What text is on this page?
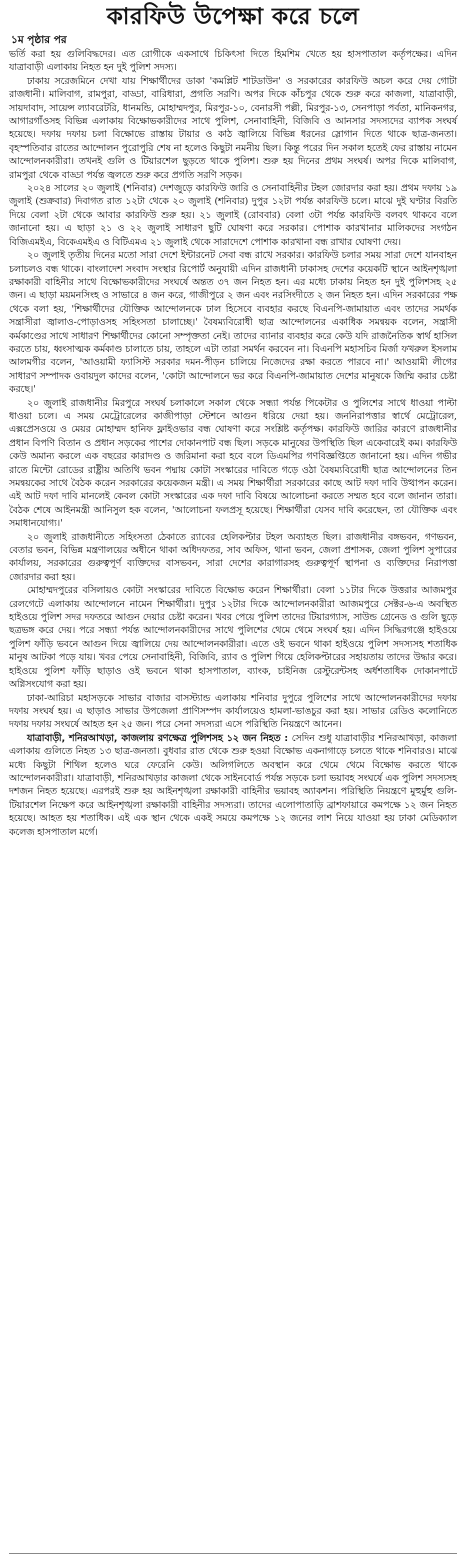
কারফিউ উপেক্ষা করে চলে
১ম পৃষ্ঠার পর

ভর্তি করা হয় গুলিবিদ্ধদের। এত রোগীকে একসাথে চিকিৎসা দিতে হিমশিম খেতে হয় হাসপাতাল কর্তৃপক্ষের। এদিন যাত্রাবাড়ী এলাকায় নিহত হন দুই পুলিশ সদস্য।

ঢাকায় সরেজমিনে দেখা যায় শিক্ষার্থীদের ডাকা 'কমপ্লিট শাটডাউন' ও সরকারের কারফিউ অচল করে দেয় গোটা রাজধানী। মালিবাগ, রামপুরা, বাড্ডা, বারিধারা, প্রগতি সরণি। অপর দিকে কাঁচপুর থেকে শুরু করে কাজলা, যাত্রাবাড়ী, সায়দাবাদ, সায়েন্স ল্যাবরেটরি, ধানমন্ডি, মোহাম্মদপুর, মিরপুর-১০, বেনারসী পল্লী, মিরপুর-১৩, সেনপাড়া পর্বতা, মানিকনগর, আগারগাঁওসহ বিভিন্ন এলাকায় বিক্ষোভকারীদের সাথে পুলিশ, সেনাবাহিনী, বিজিবি ও আনসার সদস্যদের ব্যাপক সংঘর্ষ হয়েছে। দফায় দফায় চলা বিক্ষোভে রাস্তায় টায়ার ও কাঠ জ্বালিয়ে বিভিন্ন ধরনের স্লোগান দিতে থাকে ছাত্র-জনতা। বৃহস্পতিবার রাতের আন্দোলন পুরোপুরি শেষ না হলেও কিছুটা নমনীয় ছিল। কিন্তু পরের দিন সকাল হতেই ফের রাস্তায় নামেন আন্দোলনকারীরা। তখনই গুলি ও টিয়ারশেল ছুড়তে থাকে পুলিশ। শুরু হয় দিনের প্রথম সংঘর্ষ। অপর দিকে মালিবাগ, রামপুরা থেকে বাড্ডা পর্যন্ত জ্বলতে শুরু করে প্রগতি সরণি সড়ক।

২০২৪ সালের ২০ জুলাই (শনিবার) দেশজুড়ে কারফিউ জারি ও সেনাবাহিনীর টহল জোরদার করা হয়। প্রথম দফায় ১৯ জুলাই (শুক্রবার) দিবাগত রাত ১২টা থেকে ২০ জুলাই (শনিবার) দুপুর ১২টা পর্যন্ত কারফিউ চলে। মাঝে দুই ঘণ্টার বিরতি দিয়ে বেলা ২টা থেকে আবার কারফিউ শুরু হয়। ২১ জুলাই (রোববার) বেলা ৩টা পর্যন্ত কারফিউ বলবৎ থাকবে বলে জানানো হয়। এ ছাড়া ২১ ও ২২ জুলাই সাধারণ ছুটি ঘোষণা করে সরকার। পোশাক কারখানার মালিকদের সংগঠন বিজিএমইএ, বিকেএমইএ ও বিটিএমএ ২১ জুলাই থেকে সারাদেশে পোশাক কারখানা বন্ধ রাখার ঘোষণা দেয়।

২০ জুলাই তৃতীয় দিনের মতো সারা দেশে ইন্টারনেট সেবা বন্ধ রাখে সরকার। কারফিউ চলার সময় সারা দেশে যানবাহন চলাচলও বন্ধ থাকে। বাংলাদেশ সংবাদ সংস্থার রিপোর্ট অনুযায়ী এদিন রাজধানী ঢাকাসহ দেশের কয়েকটি স্থানে আইনশৃঙ্খলা রক্ষাকারী বাহিনীর সাথে বিক্ষোভকারীদের সংঘর্ষে অন্তত ৩৭ জন নিহত হন। এর মধ্যে ঢাকায় নিহত হন দুই পুলিশসহ ২৫ জন। এ ছাড়া ময়মনসিংহ ও সাভারে ৪ জন করে, গাজীপুরে ২ জন এবং নরসিংদীতে ২ জন নিহত হন। এদিন সরকারের পক্ষ থেকে বলা হয়, 'শিক্ষার্থীদের যৌক্তিক আন্দোলনকে ঢাল হিসেবে ব্যবহার করছে বিএনপি-জামায়াত এবং তাদের সমর্থক সন্ত্রাসীরা জ্বালাও-পোড়াওসহ সহিংসতা চালাচ্ছে।' বৈষম্যবিরোধী ছাত্র আন্দোলনের একাধিক সমন্বয়ক বলেন, সন্ত্রাসী কর্মকাণ্ডের সাথে সাধারণ শিক্ষার্থীদের কোনো সম্পৃক্ততা নেই। তাদের ব্যানার ব্যবহার করে কেউ যদি রাজনৈতিক স্বার্থ হাসিল করতে চায়, ধ্বংসাত্মক কর্মকাণ্ড চালাতে চায়, তাহলে এটা তারা সমর্থন করবেন না। বিএনপি মহাসচিব মির্জা ফখরুল ইসলাম আলমগীর বলেন, 'আওয়ামী ফ্যাসিস্ট সরকার দমন-পীড়ন চালিয়ে নিজেদের রক্ষা করতে পারবে না।' আওয়ামী লীগের সাধারণ সম্পাদক ওবায়দুল কাদের বলেন, 'কোটা আন্দোলনে ভর করে বিএনপি-জামায়াত দেশের মানুষকে জিম্মি করার চেষ্টা করছে।'

২০ জুলাই রাজধানীর মিরপুরে সংঘর্ষ চলাকালে সকাল থেকে সন্ধ্যা পর্যন্ত পিকেটার ও পুলিশের সাথে ধাওয়া পাল্টা ধাওয়া চলে। এ সময় মেট্রোরেলের কাজীপাড়া স্টেশনে আগুন ধরিয়ে দেয়া হয়। জননিরাপত্তার স্বার্থে মেট্রোরেল, এক্সপ্রেসওয়ে ও মেয়র মোহাম্মদ হানিফ ফ্লাইওভার বন্ধ ঘোষণা করে সংশ্লিষ্ট কর্তৃপক্ষ। কারফিউ জারির কারণে রাজধানীর প্রধান বিপণি বিতান ও প্রধান সড়কের পাশের দোকানপাট বন্ধ ছিল। সড়কে মানুষের উপস্থিতি ছিল একেবারেই কম। কারফিউ কেউ অমান্য করলে এক বছরের কারাদণ্ড ও জরিমানা করা হবে বলে ডিএমপির গণবিজ্ঞপ্তিতে জানানো হয়। এদিন গভীর রাতে মিন্টো রোডের রাষ্ট্রীয় অতিথি ভবন পদ্মায় কোটা সংস্কারের দাবিতে গড়ে ওঠা বৈষম্যবিরোধী ছাত্র আন্দোলনের তিন সমন্বয়কের সাথে বৈঠক করেন সরকারের কয়েকজন মন্ত্রী। এ সময় শিক্ষার্থীরা সরকারের কাছে আট দফা দাবি উত্থাপন করেন। এই আট দফা দাবি মানলেই কেবল কোটা সংস্কারের এক দফা দাবি বিষয়ে আলোচনা করতে সম্মত হবে বলে জানান তারা। বৈঠক শেষে আইনমন্ত্রী আনিসুল হক বলেন, 'আলোচনা ফলপ্রসূ হয়েছে। শিক্ষার্থীরা যেসব দাবি করেছেন, তা যৌক্তিক এবং সমাধানযোগ্য।'

২০ জুলাই রাজধানীতে সহিংসতা ঠেকাতে র‌্যাবের হেলিকপ্টার টহল অব্যাহত ছিল। রাজধানীর বঙ্গভবন, গণভবন, বেতার ভবন, বিভিন্ন মন্ত্রণালয়ের অধীনে থাকা অধিদফতর, সাব অফিস, থানা ভবন, জেলা প্রশাসক, জেলা পুলিশ সুপারের কার্যালয়, সরকারের গুরুত্বপূর্ণ ব্যক্তিদের বাসভবন, সারা দেশের কারাগারসহ গুরুত্বপূর্ণ স্থাপনা ও ব্যক্তিদের নিরাপত্তা জোরদার করা হয়।

মোহাম্মদপুরের বসিলায়ও কোটা সংস্কারের দাবিতে বিক্ষোভ করেন শিক্ষার্থীরা। বেলা ১১টার দিকে উত্তরার আজমপুর রেলগেটে এলাকায় আন্দোলনে নামেন শিক্ষার্থীরা। দুপুর ১২টার দিকে আন্দোলনকারীরা আজমপুরে সেক্টর-৬-এ অবস্থিত হাইওয়ে পুলিশ সদর দফতরে আগুন দেয়ার চেষ্টা করেন। খবর পেয়ে পুলিশ তাদের টিয়ারগ্যাস, সাউন্ড গ্রেনেড ও গুলি ছুড়ে ছত্রভঙ্গ করে দেয়। পরে সন্ধ্যা পর্যন্ত আন্দোলনকারীদের সাথে পুলিশের থেমে থেমে সংঘর্ষ হয়। এদিন সিদ্ধিরগঞ্জে হাইওয়ে পুলিশ ফাঁড়ি ভবনে আগুন দিয়ে জ্বালিয়ে দেয় আন্দোলনকারীরা। এতে ওই ভবনে থাকা হাইওয়ে পুলিশ সদস্যসহ শতাধিক মানুষ আটকা পড়ে যায়। খবর পেয়ে সেনাবাহিনী, বিজিবি, র‌্যাব ও পুলিশ গিয়ে হেলিকপ্টারের সহায়তায় তাদের উদ্ধার করে। হাইওয়ে পুলিশ ফাঁড়ি ছাড়াও ওই ভবনে থাকা হাসপাতাল, ব্যাংক, চাইনিজ রেস্টুরেন্টসহ অর্ধশতাধিক দোকানপাটে অগ্নিসংযোগ করা হয়।

ঢাকা-আরিচা মহাসড়কে সাভার বাজার বাসস্ট্যান্ড এলাকায় শনিবার দুপুরে পুলিশের সাথে আন্দোলনকারীদের দফায় দফায় সংঘর্ষ হয়। এ ছাড়াও সাভার উপজেলা প্রাণিসম্পদ কার্যালয়েও হামলা-ভাঙচুর করা হয়। সাভার রেডিও কলোনিতে দফায় দফায় সংঘর্ষে আহত হন ২৫ জন। পরে সেনা সদস্যরা এসে পরিস্থিতি নিয়ন্ত্রণে আনেন।

যাত্রাবাড়ী, শনিরআখড়া, কাজলায় রণক্ষেত্র পুলিশসহ ১২ জন নিহত : সেদিন শুধু যাত্রাবাড়ীর শনিরআখড়া, কাজলা এলাকায় গুলিতে নিহত ১৩ ছাত্র-জনতা। বুধবার রাত থেকে শুরু হওয়া বিক্ষোভ একনাগাড়ে চলতে থাকে শনিবারও। মাঝে মধ্যে কিছুটা শিথিল হলেও ঘরে ফেরেনি কেউ। অলিগলিতে অবস্থান করে থেমে থেমে বিক্ষোভ করতে থাকে আন্দোলনকারীরা। যাত্রাবাড়ী, শনিরআখড়ার কাজলা থেকে সাইনবোর্ড পর্যন্ত সড়কে চলা ভয়াবহ সংঘর্ষে এক পুলিশ সদস্যসহ দশজন নিহত হয়েছে। এরপরই শুরু হয় আইনশৃঙ্খলা রক্ষাকারী বাহিনীর ভয়াবহ অ্যাকশন। পরিস্থিতি নিয়ন্ত্রণে মুহুর্মুহু গুলি-টিয়ারশেল নিক্ষেপ করে আইনশৃঙ্খলা রক্ষাকারী বাহিনীর সদস্যরা। তাদের এলোপাতাড়ি ব্রাশফায়ারে কমপক্ষে ১২ জন নিহত হয়েছে। আহত হয় শতাধিক। এই এক স্থান থেকে একই সময়ে কমপক্ষে ১২ জনের লাশ নিয়ে যাওয়া হয় ঢাকা মেডিক্যাল কলেজ হাসপাতাল মর্গে।
